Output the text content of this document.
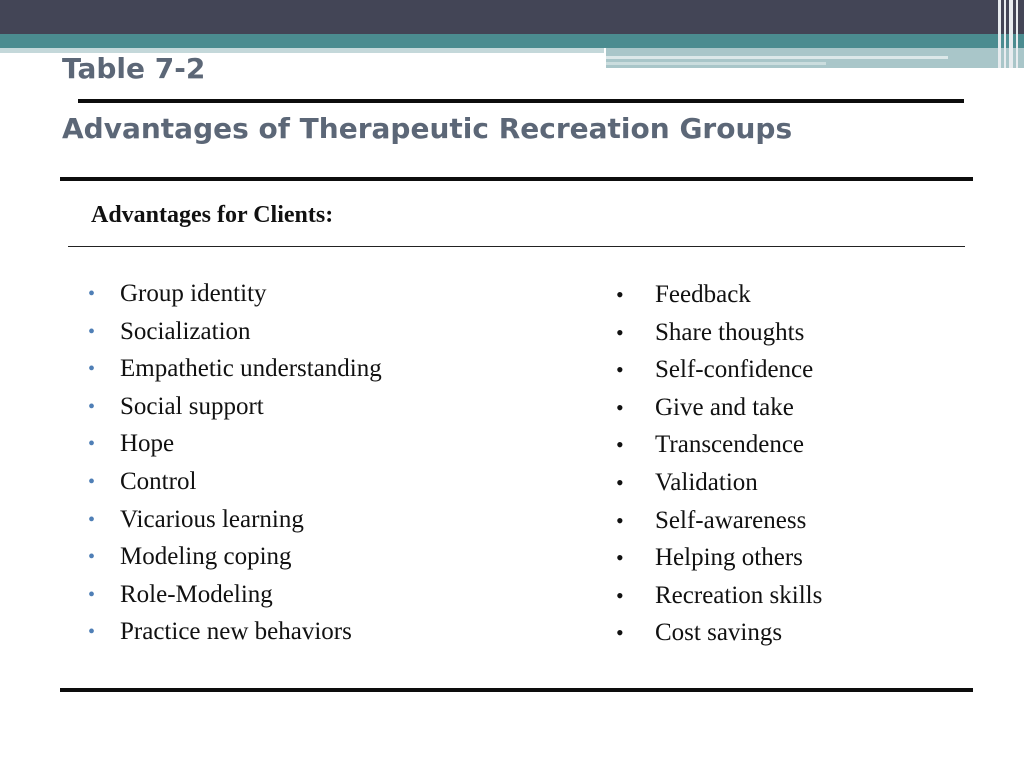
Table 7-2
Advantages of Therapeutic Recreation Groups
Advantages for Clients:
• Group identity
• Socialization
• Empathetic understanding
• Social support
• Hope
• Control
• Vicarious learning
• Modeling coping
• Role-Modeling
• Practice new behaviors
• Feedback
• Share thoughts
• Self-confidence
• Give and take
• Transcendence
• Validation
• Self-awareness
• Helping others
• Recreation skills
• Cost savings
